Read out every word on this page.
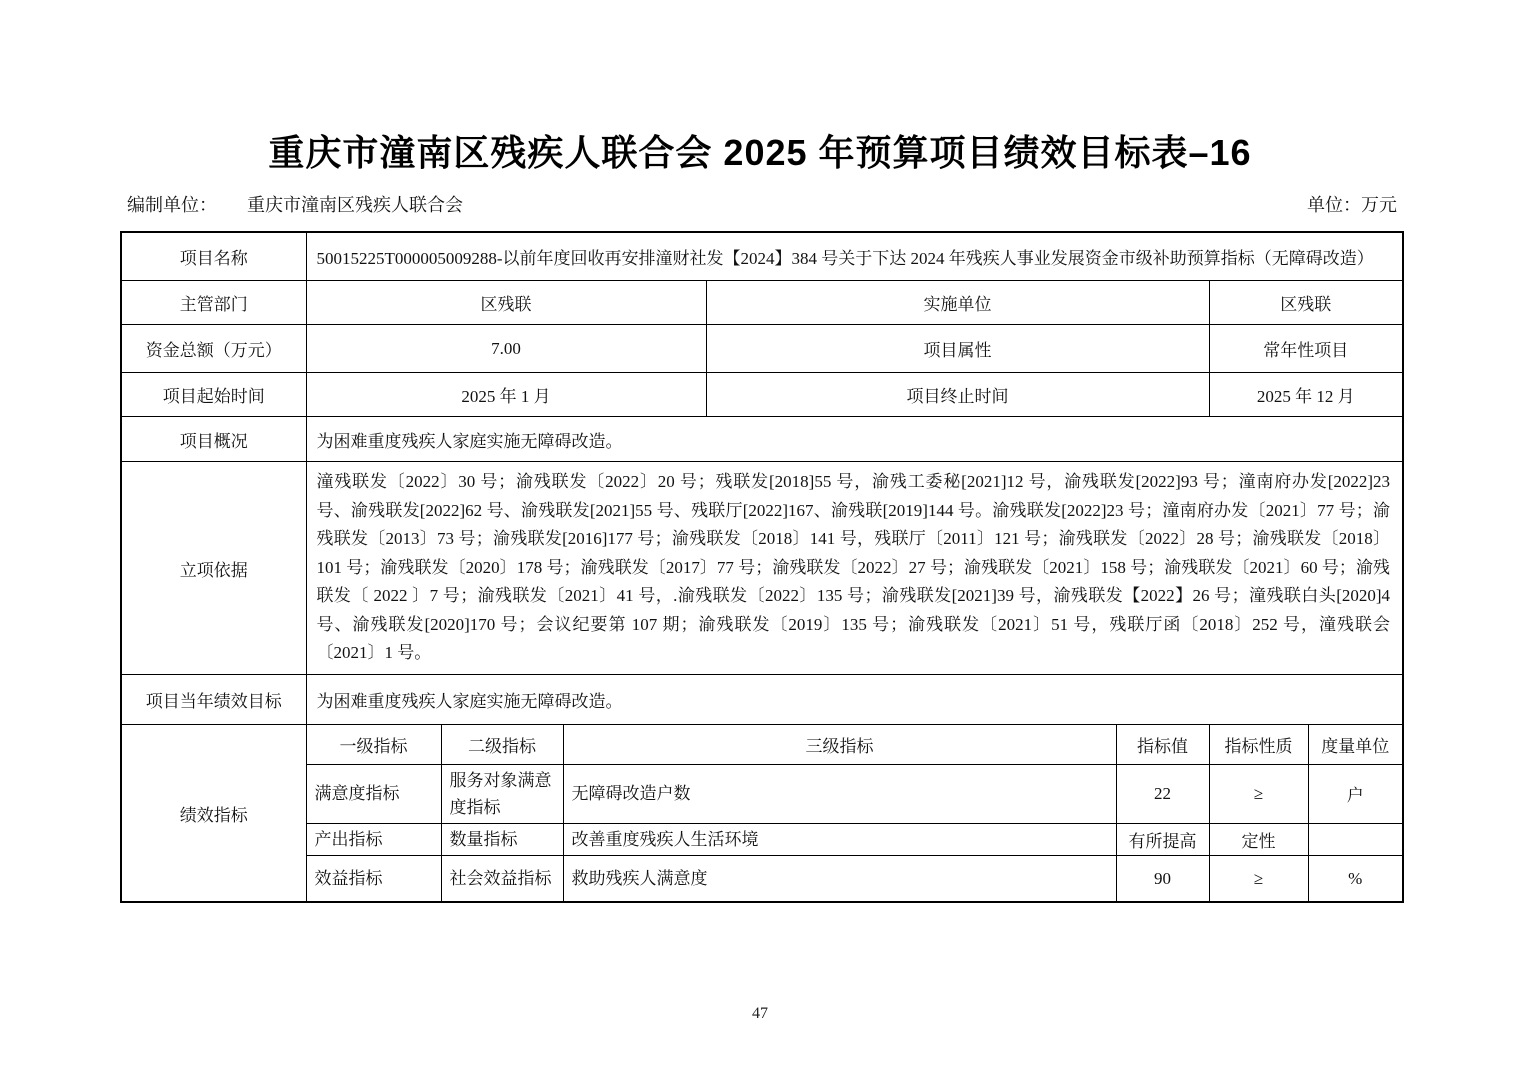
重庆市潼南区残疾人联合会 2025 年预算项目绩效目标表–16
编制单位： 重庆市潼南区残疾人联合会	单位：万元
项目名称	50015225T000005009288-以前年度回收再安排潼财社发【2024】384 号关于下达 2024 年残疾人事业发展资金市级补助预算指标（无障碍改造）						
主管部门	区残联			实施单位		区残联	
资金总额（万元）	7.00			项目属性		常年性项目	
项目起始时间	2025 年 1 月			项目终止时间		2025 年 12 月	
项目概况	为困难重度残疾人家庭实施无障碍改造。						
立项依据	潼残联发〔2022〕30 号；渝残联发〔2022〕20 号；残联发[2018]55 号，渝残工委秘[2021]12 号，渝残联发[2022]93 号；潼南府办发[2022]23 号、渝残联发[2022]62 号、渝残联发[2021]55 号、残联厅[2022]167、渝残联[2019]144 号。渝残联发[2022]23 号；潼南府办发〔2021〕77 号；渝残联发〔2013〕73 号；渝残联发[2016]177 号；渝残联发〔2018〕141 号，残联厅〔2011〕121 号；渝残联发〔2022〕28 号；渝残联发〔2018〕101 号；渝残联发〔2020〕178 号；渝残联发〔2017〕77 号；渝残联发〔2022〕27 号；渝残联发〔2021〕158 号；渝残联发〔2021〕60 号；渝残联发〔 2022 〕7 号；渝残联发〔2021〕41 号，.渝残联发〔2022〕135 号；渝残联发[2021]39 号，渝残联发【2022】26 号；潼残联白头[2020]4 号、渝残联发[2020]170 号；会议纪要第 107 期；渝残联发〔2019〕135 号；渝残联发〔2021〕51 号，残联厅函〔2018〕252 号，潼残联会〔2021〕1 号。						
项目当年绩效目标	为困难重度残疾人家庭实施无障碍改造。						
绩效指标	一级指标	二级指标	三级指标		指标值	指标性质	度量单位
	满意度指标	服务对象满意度指标	无障碍改造户数		22	≥	户
	产出指标	数量指标	改善重度残疾人生活环境		有所提高	定性	
	效益指标	社会效益指标	救助残疾人满意度		90	≥	%
47
